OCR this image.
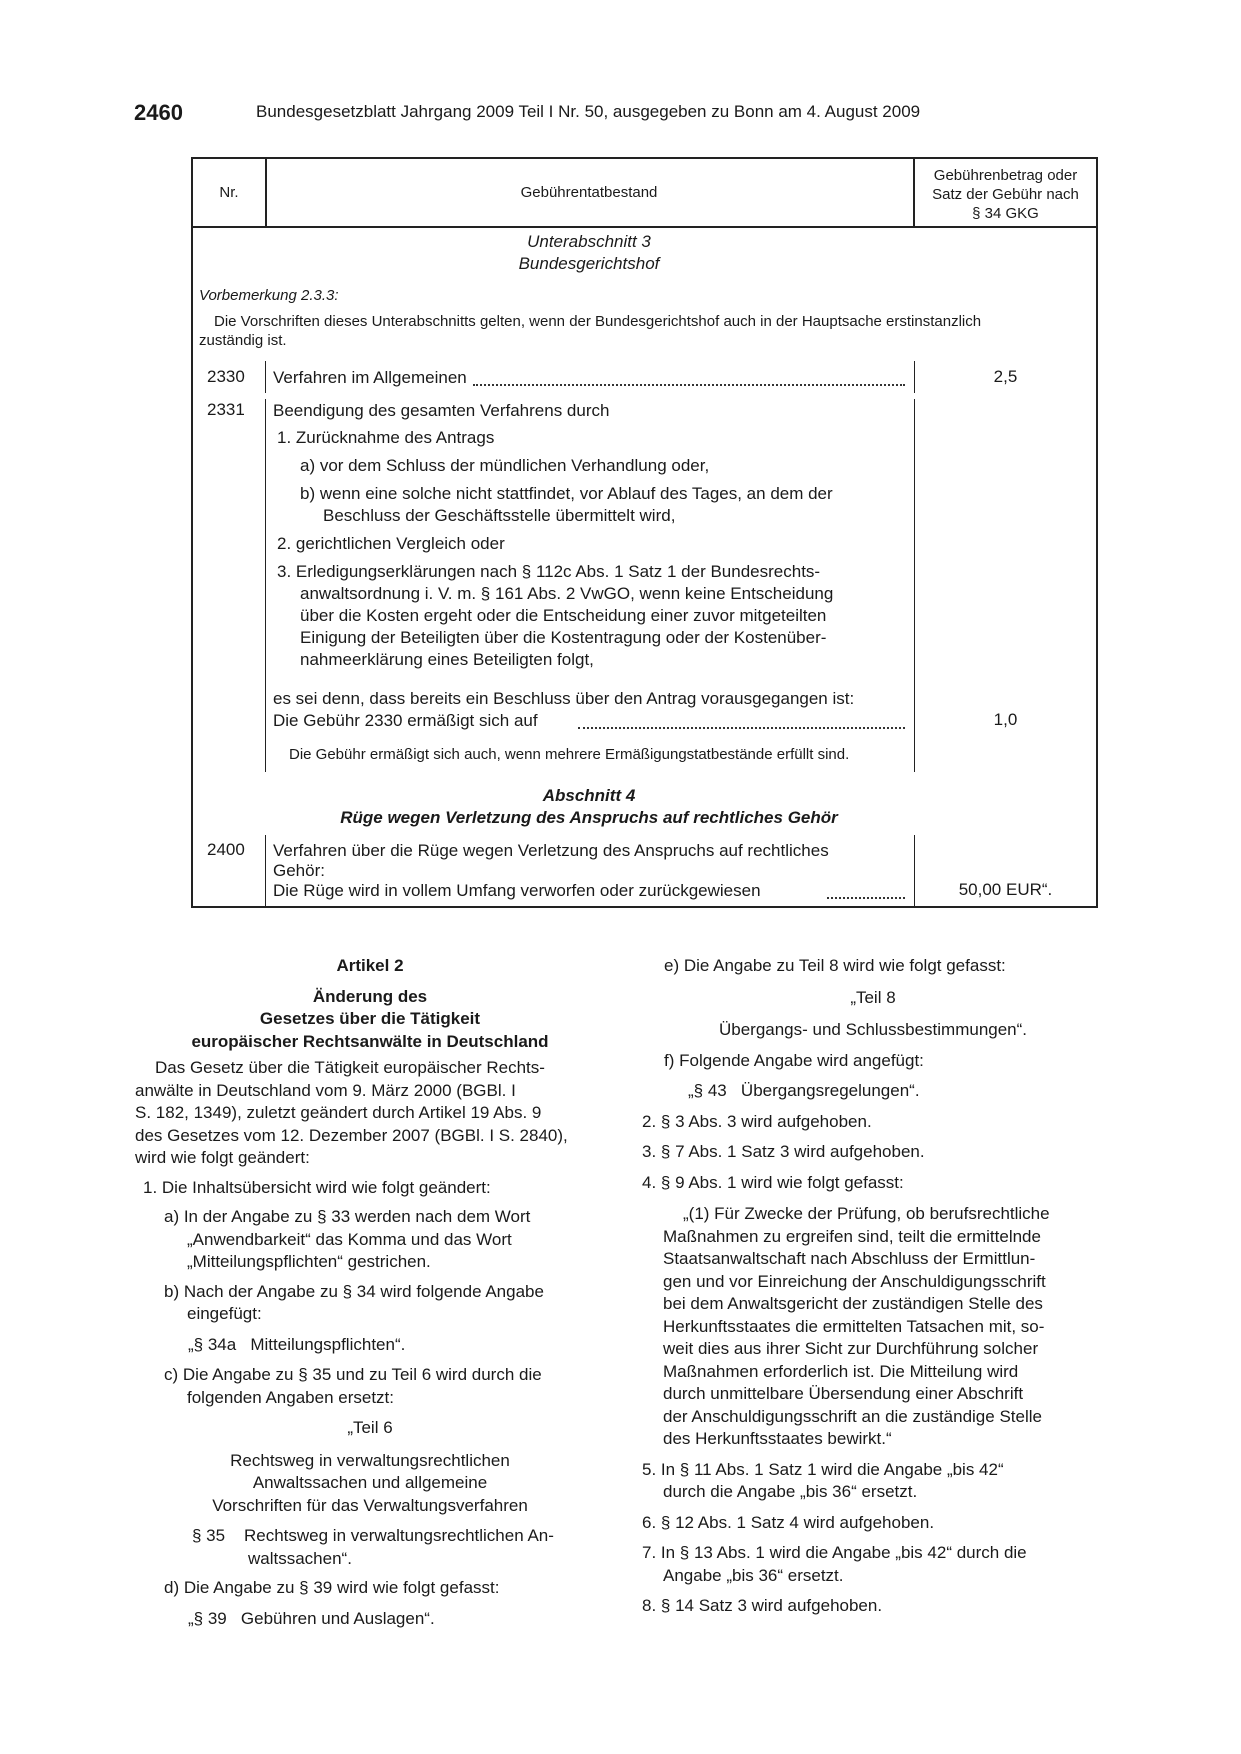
2460	Bundesgesetzblatt Jahrgang 2009 Teil I Nr. 50, ausgegeben zu Bonn am 4. August 2009
Nr.	Gebührentatbestand
Gebührenbetrag oder
Satz der Gebühr nach
§ 34 GKG
Unterabschnitt 3
Bundesgerichtshof
Vorbemerkung 2.3.3:
Die Vorschriften dieses Unterabschnitts gelten, wenn der Bundesgerichtshof auch in der Hauptsache erstinstanzlich
zuständig ist.
2330 Verfahren im Allgemeinen	2,5
2331 Beendigung des gesamten Verfahrens durch
1. Zurücknahme des Antrags
a) vor dem Schluss der mündlichen Verhandlung oder,
b) wenn eine solche nicht stattfindet, vor Ablauf des Tages, an dem der
Beschluss der Geschäftsstelle übermittelt wird,
2. gerichtlichen Vergleich oder
3. Erledigungserklärungen nach § 112c Abs. 1 Satz 1 der Bundesrechts-
anwaltsordnung i. V. m. § 161 Abs. 2 VwGO, wenn keine Entscheidung
über die Kosten ergeht oder die Entscheidung einer zuvor mitgeteilten
Einigung der Beteiligten über die Kostentragung oder der Kostenüber-
nahmeerklärung eines Beteiligten folgt,
es sei denn, dass bereits ein Beschluss über den Antrag vorausgegangen ist:
Die Gebühr 2330 ermäßigt sich auf	1,0
Die Gebühr ermäßigt sich auch, wenn mehrere Ermäßigungstatbestände erfüllt sind.
Abschnitt 4
Rüge wegen Verletzung des Anspruchs auf rechtliches Gehör
2400 Verfahren über die Rüge wegen Verletzung des Anspruchs auf rechtliches
Gehör:
Die Rüge wird in vollem Umfang verworfen oder zurückgewiesen	50,00 EUR“.
Artikel 2
Änderung des
Gesetzes über die Tätigkeit
europäischer Rechtsanwälte in Deutschland
Das Gesetz über die Tätigkeit europäischer Rechts-
anwälte in Deutschland vom 9. März 2000 (BGBl. I
S. 182, 1349), zuletzt geändert durch Artikel 19 Abs. 9
des Gesetzes vom 12. Dezember 2007 (BGBl. I S. 2840),
wird wie folgt geändert:
1. Die Inhaltsübersicht wird wie folgt geändert:
a) In der Angabe zu § 33 werden nach dem Wort
„Anwendbarkeit“ das Komma und das Wort
„Mitteilungspflichten“ gestrichen.
b) Nach der Angabe zu § 34 wird folgende Angabe
eingefügt:
„§ 34a   Mitteilungspflichten“.
c) Die Angabe zu § 35 und zu Teil 6 wird durch die
folgenden Angaben ersetzt:
„Teil 6
Rechtsweg in verwaltungsrechtlichen
Anwaltssachen und allgemeine
Vorschriften für das Verwaltungsverfahren
§ 35    Rechtsweg in verwaltungsrechtlichen An-
waltssachen“.
d) Die Angabe zu § 39 wird wie folgt gefasst:
„§ 39   Gebühren und Auslagen“.
e) Die Angabe zu Teil 8 wird wie folgt gefasst:
„Teil 8
Übergangs- und Schlussbestimmungen“.
f) Folgende Angabe wird angefügt:
„§ 43   Übergangsregelungen“.
2. § 3 Abs. 3 wird aufgehoben.
3. § 7 Abs. 1 Satz 3 wird aufgehoben.
4. § 9 Abs. 1 wird wie folgt gefasst:
„(1) Für Zwecke der Prüfung, ob berufsrechtliche
Maßnahmen zu ergreifen sind, teilt die ermittelnde
Staatsanwaltschaft nach Abschluss der Ermittlun-
gen und vor Einreichung der Anschuldigungsschrift
bei dem Anwaltsgericht der zuständigen Stelle des
Herkunftsstaates die ermittelten Tatsachen mit, so-
weit dies aus ihrer Sicht zur Durchführung solcher
Maßnahmen erforderlich ist. Die Mitteilung wird
durch unmittelbare Übersendung einer Abschrift
der Anschuldigungsschrift an die zuständige Stelle
des Herkunftsstaates bewirkt.“
5. In § 11 Abs. 1 Satz 1 wird die Angabe „bis 42“
durch die Angabe „bis 36“ ersetzt.
6. § 12 Abs. 1 Satz 4 wird aufgehoben.
7. In § 13 Abs. 1 wird die Angabe „bis 42“ durch die
Angabe „bis 36“ ersetzt.
8. § 14 Satz 3 wird aufgehoben.
